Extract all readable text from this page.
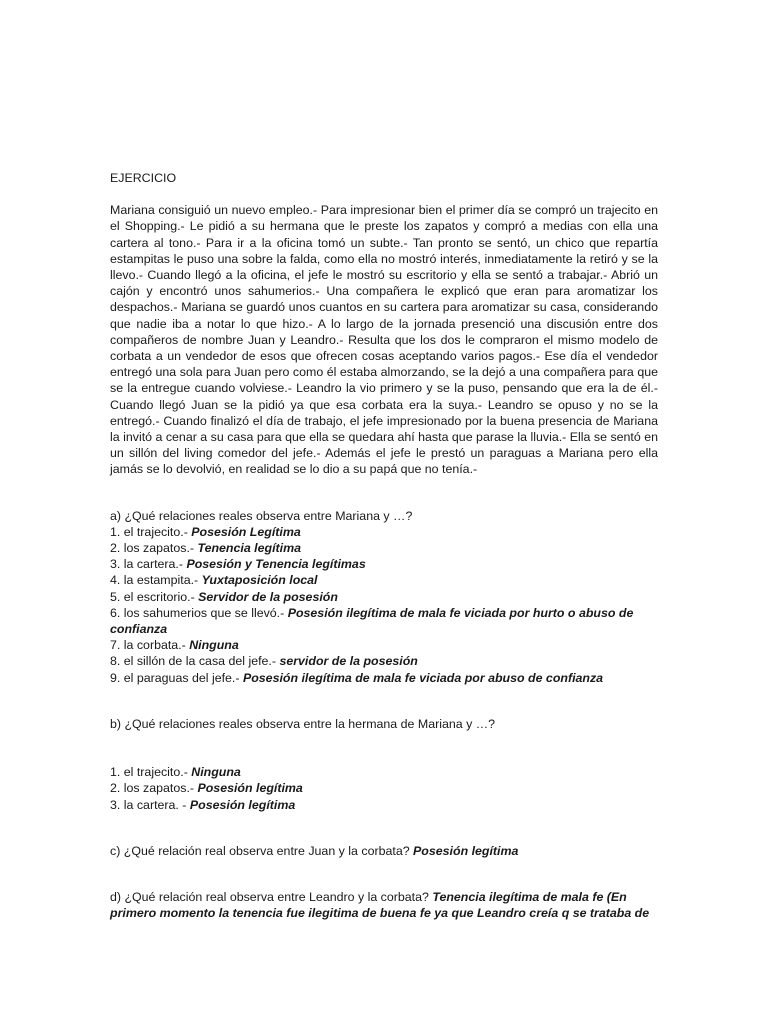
EJERCICIO

Mariana consiguió un nuevo empleo.- Para impresionar bien el primer día se compró un trajecito en el Shopping.- Le pidió a su hermana que le preste los zapatos y compró a medias con ella una cartera al tono.- Para ir a la oficina tomó un subte.- Tan pronto se sentó, un chico que repartía estampitas le puso una sobre la falda, como ella no mostró interés, inmediatamente la retiró y se la llevo.- Cuando llegó a la oficina, el jefe le mostró su escritorio y ella se sentó a trabajar.- Abrió un cajón y encontró unos sahumerios.- Una compañera le explicó que eran para aromatizar los despachos.- Mariana se guardó unos cuantos en su cartera para aromatizar su casa, considerando que nadie iba a notar lo que hizo.- A lo largo de la jornada presenció una discusión entre dos compañeros de nombre Juan y Leandro.- Resulta que los dos le compraron el mismo modelo de corbata a un vendedor de esos que ofrecen cosas aceptando varios pagos.- Ese día el vendedor entregó una sola para Juan pero como él estaba almorzando, se la dejó a una compañera para que se la entregue cuando volviese.- Leandro la vio primero y se la puso, pensando que era la de él.- Cuando llegó Juan se la pidió ya que esa corbata era la suya.- Leandro se opuso y no se la entregó.- Cuando finalizó el día de trabajo, el jefe impresionado por la buena presencia de Mariana la invitó a cenar a su casa para que ella se quedara ahí hasta que parase la lluvia.- Ella se sentó en un sillón del living comedor del jefe.- Además el jefe le prestó un paraguas a Mariana pero ella jamás se lo devolvió, en realidad se lo dio a su papá que no tenía.-

a) ¿Qué relaciones reales observa entre Mariana y …?

1. el trajecito.- Posesión Legítima

2. los zapatos.- Tenencia legítima

3. la cartera.- Posesión y Tenencia legítimas

4. la estampita.- Yuxtaposición local

5. el escritorio.- Servidor de la posesión

6. los sahumerios que se llevó.- Posesión ilegítima de mala fe viciada por hurto o abuso de confianza

7. la corbata.- Ninguna

8. el sillón de la casa del jefe.- servidor de la posesión

9. el paraguas del jefe.- Posesión ilegítima de mala fe viciada por abuso de confianza

b) ¿Qué relaciones reales observa entre la hermana de Mariana y …?

1. el trajecito.- Ninguna

2. los zapatos.- Posesión legítima

3. la cartera. - Posesión legítima

c) ¿Qué relación real observa entre Juan y la corbata? Posesión legítima

d) ¿Qué relación real observa entre Leandro y la corbata? Tenencia ilegítima de mala fe (En primero momento la tenencia fue ilegitima de buena fe ya que Leandro creía q se trataba de
